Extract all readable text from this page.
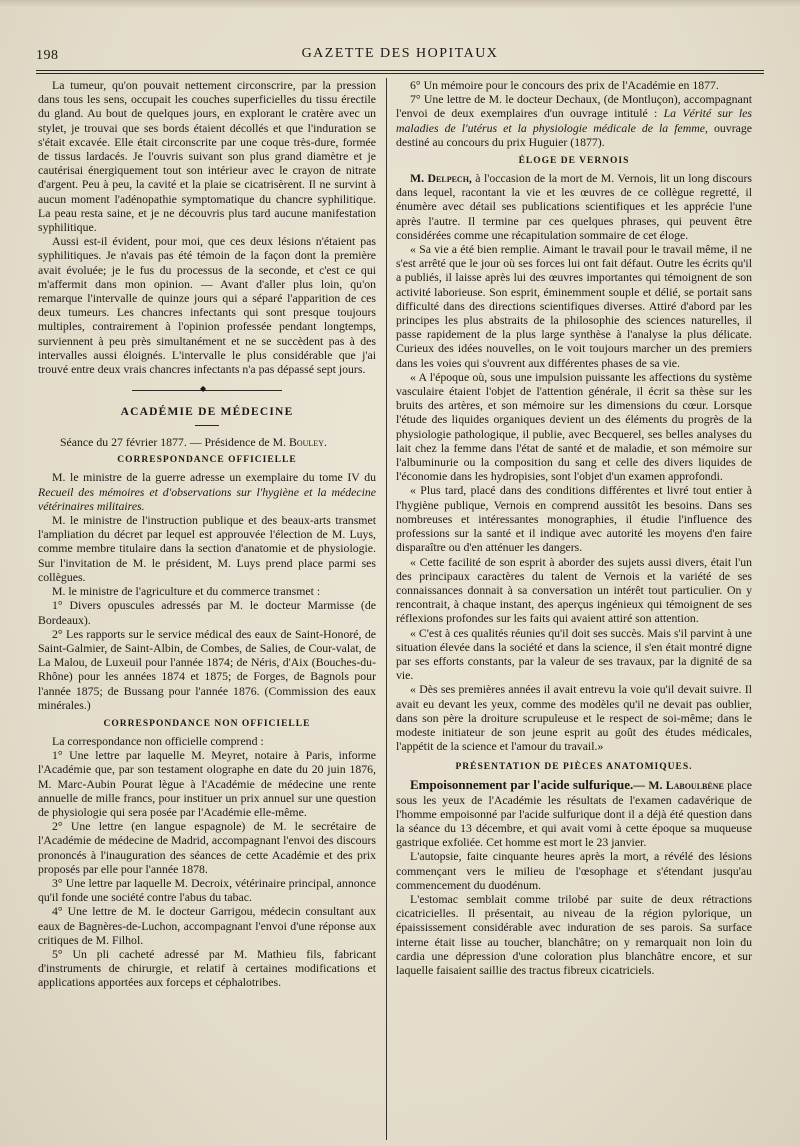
198	GAZETTE DES HOPITAUX

La tumeur, qu'on pouvait nettement circonscrire, par la pression dans tous les sens, occupait les couches superficielles du tissu érectile du gland. Au bout de quelques jours, en explorant le cratère avec un stylet, je trouvai que ses bords étaient décollés et que l'induration se s'était excavée. Elle était circonscrite par une coque très-dure, formée de tissus lardacés. Je l'ouvris suivant son plus grand diamètre et je cautérisai énergiquement tout son intérieur avec le crayon de nitrate d'argent. Peu à peu, la cavité et la plaie se cicatrisèrent. Il ne survint à aucun moment l'adénopathie symptomatique du chancre syphilitique. La peau resta saine, et je ne découvris plus tard aucune manifestation syphilitique.

Aussi est-il évident, pour moi, que ces deux lésions n'étaient pas syphilitiques. Je n'avais pas été témoin de la façon dont la première avait évoluée; je le fus du processus de la seconde, et c'est ce qui m'affermit dans mon opinion. — Avant d'aller plus loin, qu'on remarque l'intervalle de quinze jours qui a séparé l'apparition de ces deux tumeurs. Les chancres infectants qui sont presque toujours multiples, contrairement à l'opinion professée pendant longtemps, surviennent à peu près simultanément et ne se succèdent pas à des intervalles aussi éloignés. L'intervalle le plus considérable que j'ai trouvé entre deux vrais chancres infectants n'a pas dépassé sept jours.

◆
ACADÉMIE DE MÉDECINE

Séance du 27 février 1877. — Présidence de M. Bouley.

CORRESPONDANCE OFFICIELLE

M. le ministre de la guerre adresse un exemplaire du tome IV du Recueil des mémoires et d'observations sur l'hygiène et la médecine vétérinaires militaires.

M. le ministre de l'instruction publique et des beaux-arts transmet l'ampliation du décret par lequel est approuvée l'élection de M. Luys, comme membre titulaire dans la section d'anatomie et de physiologie. Sur l'invitation de M. le président, M. Luys prend place parmi ses collègues.

M. le ministre de l'agriculture et du commerce transmet :

1° Divers opuscules adressés par M. le docteur Marmisse (de Bordeaux).

2° Les rapports sur le service médical des eaux de Saint-Honoré, de Saint-Galmier, de Saint-Albin, de Combes, de Salies, de Cour-valat, de La Malou, de Luxeuil pour l'année 1874; de Néris, d'Aix (Bouches-du-Rhône) pour les années 1874 et 1875; de Forges, de Bagnols pour l'année 1875; de Bussang pour l'année 1876. (Commission des eaux minérales.)

CORRESPONDANCE NON OFFICIELLE

La correspondance non officielle comprend :

1° Une lettre par laquelle M. Meyret, notaire à Paris, informe l'Académie que, par son testament olographe en date du 20 juin 1876, M. Marc-Aubin Pourat lègue à l'Académie de médecine une rente annuelle de mille francs, pour instituer un prix annuel sur une question de physiologie qui sera posée par l'Académie elle-même.

2° Une lettre (en langue espagnole) de M. le secrétaire de l'Académie de médecine de Madrid, accompagnant l'envoi des discours prononcés à l'inauguration des séances de cette Académie et des prix proposés par elle pour l'année 1878.

3° Une lettre par laquelle M. Decroix, vétérinaire principal, annonce qu'il fonde une société contre l'abus du tabac.

4° Une lettre de M. le docteur Garrigou, médecin consultant aux eaux de Bagnères-de-Luchon, accompagnant l'envoi d'une réponse aux critiques de M. Filhol.

5° Un pli cacheté adressé par M. Mathieu fils, fabricant d'instruments de chirurgie, et relatif à certaines modifications et applications apportées aux forceps et céphalotribes.

6° Un mémoire pour le concours des prix de l'Académie en 1877.

7° Une lettre de M. le docteur Dechaux, (de Montluçon), accompagnant l'envoi de deux exemplaires d'un ouvrage intitulé : La Vérité sur les maladies de l'utérus et la physiologie médicale de la femme, ouvrage destiné au concours du prix Huguier (1877).

ÉLOGE DE VERNOIS

M. Delpech, à l'occasion de la mort de M. Vernois, lit un long discours dans lequel, racontant la vie et les œuvres de ce collègue regretté, il énumère avec détail ses publications scientifiques et les apprécie l'une après l'autre. Il termine par ces quelques phrases, qui peuvent être considérées comme une récapitulation sommaire de cet éloge.

« Sa vie a été bien remplie. Aimant le travail pour le travail même, il ne s'est arrêté que le jour où ses forces lui ont fait défaut. Outre les écrits qu'il a publiés, il laisse après lui des œuvres importantes qui témoignent de son activité laborieuse. Son esprit, éminemment souple et délié, se portait sans difficulté dans des directions scientifiques diverses. Attiré d'abord par les principes les plus abstraits de la philosophie des sciences naturelles, il passe rapidement de la plus large synthèse à l'analyse la plus délicate. Curieux des idées nouvelles, on le voit toujours marcher un des premiers dans les voies qui s'ouvrent aux différentes phases de sa vie.

« A l'époque où, sous une impulsion puissante les affections du système vasculaire étaient l'objet de l'attention générale, il écrit sa thèse sur les bruits des artères, et son mémoire sur les dimensions du cœur. Lorsque l'étude des liquides organiques devient un des éléments du progrès de la physiologie pathologique, il publie, avec Becquerel, ses belles analyses du lait chez la femme dans l'état de santé et de maladie, et son mémoire sur l'albuminurie ou la composition du sang et celle des divers liquides de l'économie dans les hydropisies, sont l'objet d'un examen approfondi.

« Plus tard, placé dans des conditions différentes et livré tout entier à l'hygiène publique, Vernois en comprend aussitôt les besoins. Dans ses nombreuses et intéressantes monographies, il étudie l'influence des professions sur la santé et il indique avec autorité les moyens d'en faire disparaître ou d'en atténuer les dangers.

« Cette facilité de son esprit à aborder des sujets aussi divers, était l'un des principaux caractères du talent de Vernois et la variété de ses connaissances donnait à sa conversation un intérêt tout particulier. On y rencontrait, à chaque instant, des aperçus ingénieux qui témoignent de ses réflexions profondes sur les faits qui avaient attiré son attention.

« C'est à ces qualités réunies qu'il doit ses succès. Mais s'il parvint à une situation élevée dans la société et dans la science, il s'en était montré digne par ses efforts constants, par la valeur de ses travaux, par la dignité de sa vie.

« Dès ses premières années il avait entrevu la voie qu'il devait suivre. Il avait eu devant les yeux, comme des modèles qu'il ne devait pas oublier, dans son père la droiture scrupuleuse et le respect de soi-même; dans le modeste initiateur de son jeune esprit au goût des études médicales, l'appétit de la science et l'amour du travail.»

PRÉSENTATION DE PIÈCES ANATOMIQUES.

Empoisonnement par l'acide sulfurique.— M. Laboulbène place sous les yeux de l'Académie les résultats de l'examen cadavérique de l'homme empoisonné par l'acide sulfurique dont il a déjà été question dans la séance du 13 décembre, et qui avait vomi à cette époque sa muqueuse gastrique exfoliée. Cet homme est mort le 23 janvier.

L'autopsie, faite cinquante heures après la mort, a révélé des lésions commençant vers le milieu de l'œsophage et s'étendant jusqu'au commencement du duodénum.

L'estomac semblait comme trilobé par suite de deux rétractions cicatricielles. Il présentait, au niveau de la région pylorique, un épaississement considérable avec induration de ses parois. Sa surface interne était lisse au toucher, blanchâtre; on y remarquait non loin du cardia une dépression d'une coloration plus blanchâtre encore, et sur laquelle faisaient saillie des tractus fibreux cicatriciels.
